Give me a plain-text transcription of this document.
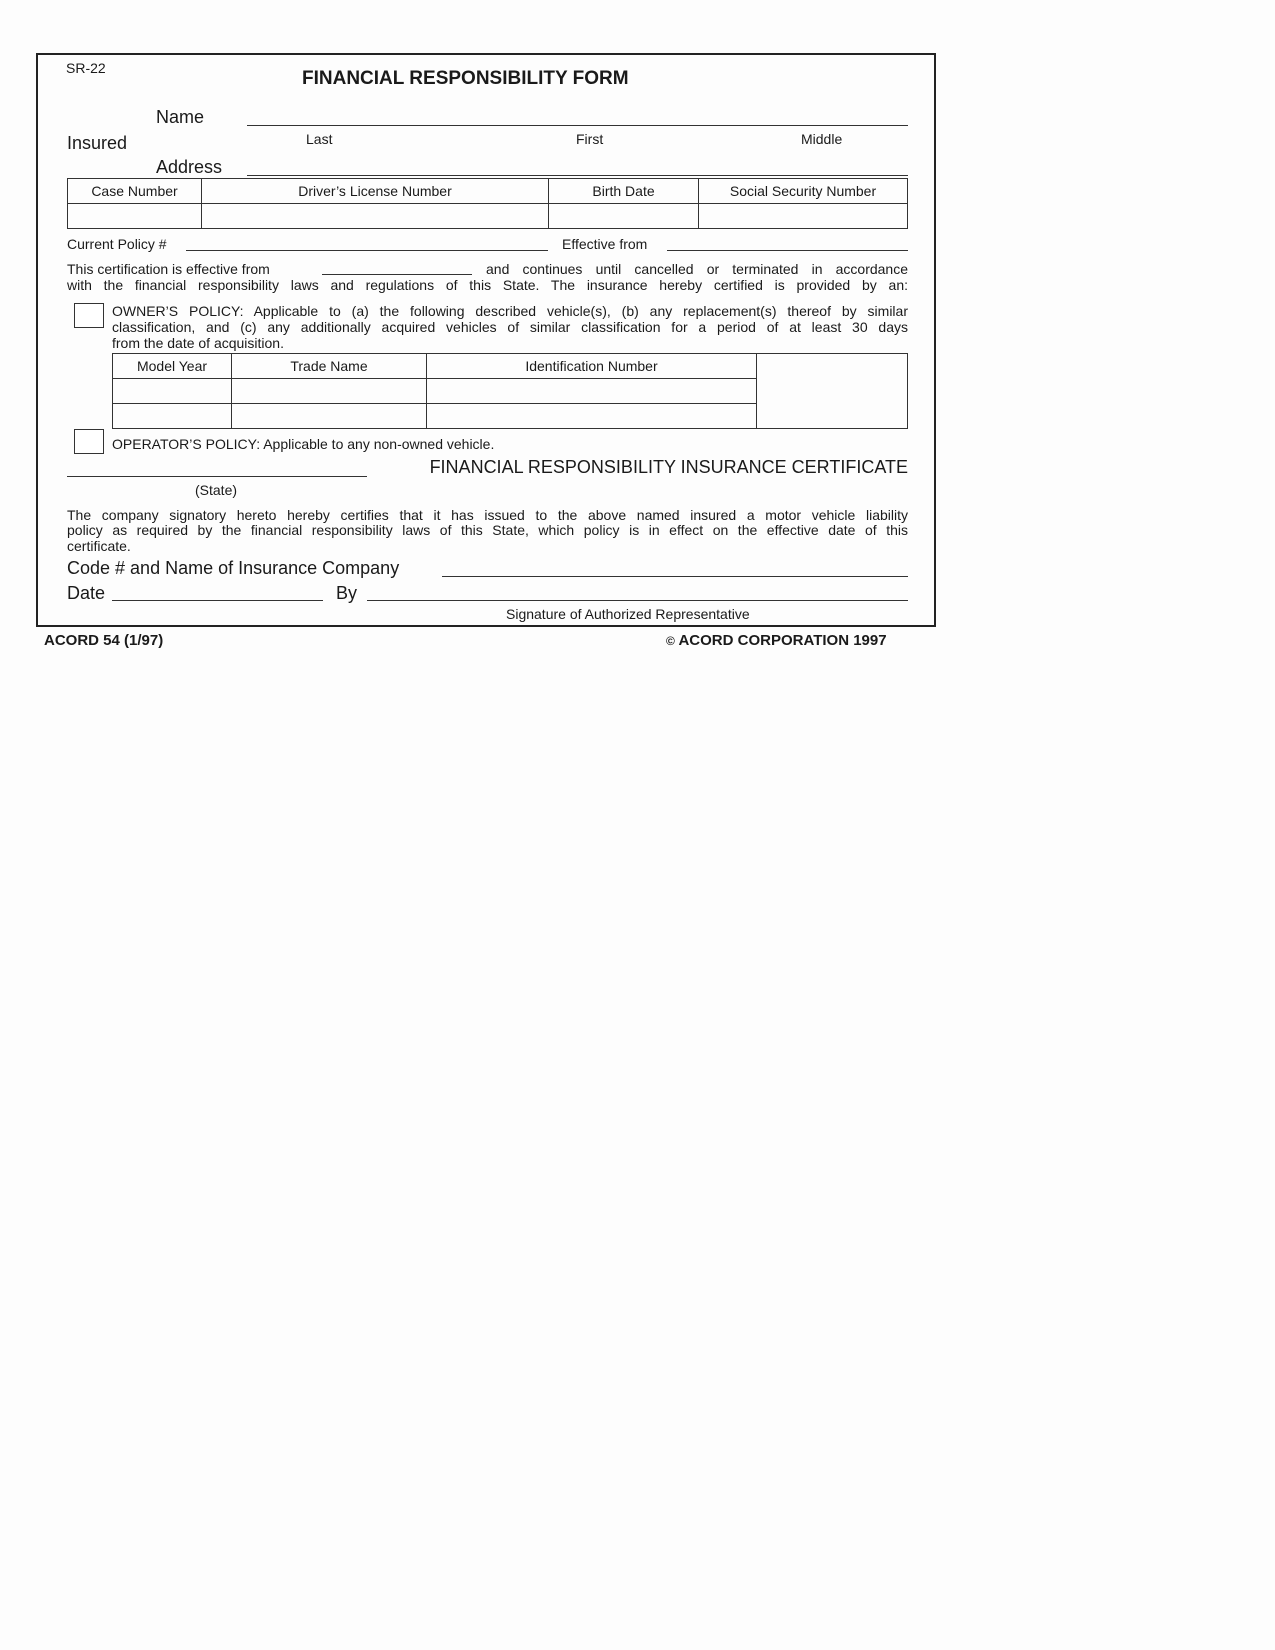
SR-22	FINANCIAL RESPONSIBILITY FORM
Insured
Name
Last	First	Middle
Address
Case Number	Driver’s License Number	Birth Date	Social Security Number

Current Policy #	Effective from
This certification is effective from	and continues until cancelled or terminated in accordance
with the financial responsibility laws and regulations of this State. The insurance hereby certified is provided by an:
OWNER’S POLICY: Applicable to (a) the following described vehicle(s), (b) any replacement(s) thereof by similar
classification, and (c) any additionally acquired vehicles of similar classification for a period of at least 30 days
from the date of acquisition.
Model Year	Trade Name	Identification Number	

OPERATOR’S POLICY: Applicable to any non-owned vehicle.
(State)
FINANCIAL RESPONSIBILITY INSURANCE CERTIFICATE
The company signatory hereto hereby certifies that it has issued to the above named insured a motor vehicle liability
policy as required by the financial responsibility laws of this State, which policy is in effect on the effective date of this
certificate.
Code # and Name of Insurance Company
Date	By
Signature of Authorized Representative
ACORD 54 (1/97)	© ACORD CORPORATION 1997
